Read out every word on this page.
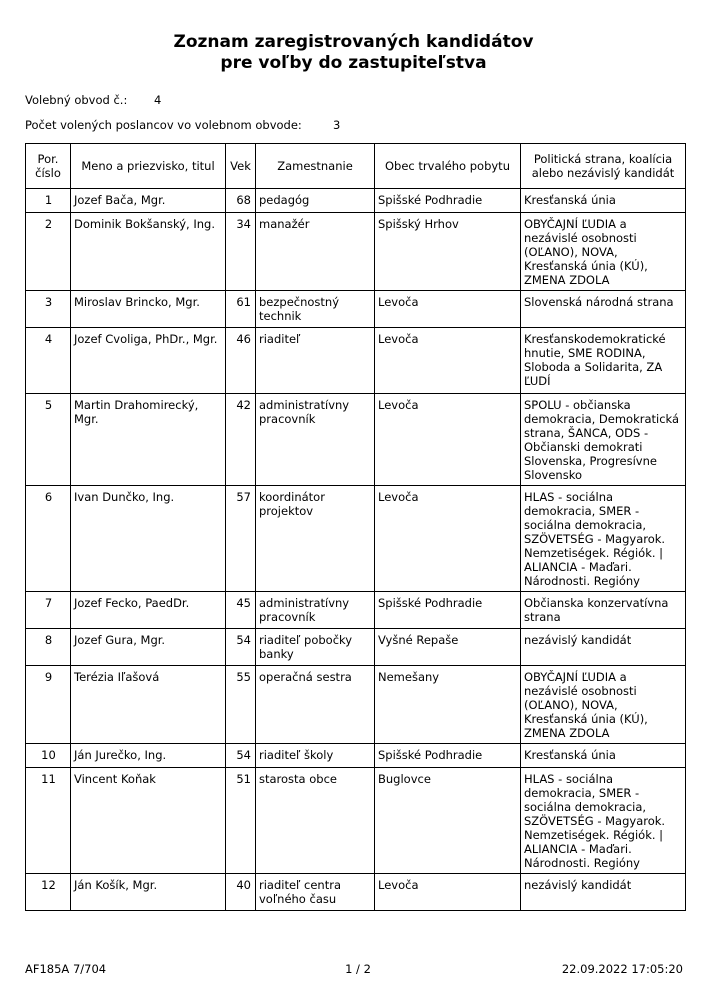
Zoznam zaregistrovaných kandidátov
pre voľby do zastupiteľstva
Volebný obvod č.: 4
Počet volených poslancov vo volebnom obvode:	3
Por. číslo	Meno a priezvisko, titul	Vek	Zamestnanie	Obec trvalého pobytu	Politická strana, koalícia alebo nezávislý kandidát
1	Jozef Bača, Mgr.	68	pedagóg	Spišské Podhradie	Kresťanská únia
2	Dominik Bokšanský, Ing.	34	manažér	Spišský Hrhov	OBYČAJNÍ ĽUDIA a nezávislé osobnosti (OĽANO), NOVA, Kresťanská únia (KÚ), ZMENA ZDOLA
3	Miroslav Brincko, Mgr.	61	bezpečnostný technik	Levoča	Slovenská národná strana
4	Jozef Cvoliga, PhDr., Mgr.	46	riaditeľ	Levoča	Kresťanskodemokratické hnutie, SME RODINA, Sloboda a Solidarita, ZA ĽUDÍ
5	Martin Drahomirecký, Mgr.	42	administratívny pracovník	Levoča	SPOLU - občianska demokracia, Demokratická strana, ŠANCA, ODS - Občianski demokrati Slovenska, Progresívne Slovensko
6	Ivan Dunčko, Ing.	57	koordinátor projektov	Levoča	HLAS - sociálna demokracia, SMER - sociálna demokracia, SZÖVETSÉG - Magyarok. Nemzetiségek. Régiók. | ALIANCIA - Maďari. Národnosti. Regióny
7	Jozef Fecko, PaedDr.	45	administratívny pracovník	Spišské Podhradie	Občianska konzervatívna strana
8	Jozef Gura, Mgr.	54	riaditeľ pobočky banky	Vyšné Repaše	nezávislý kandidát
9	Terézia Iľašová	55	operačná sestra	Nemešany	OBYČAJNÍ ĽUDIA a nezávislé osobnosti (OĽANO), NOVA, Kresťanská únia (KÚ), ZMENA ZDOLA
10	Ján Jurečko, Ing.	54	riaditeľ školy	Spišské Podhradie	Kresťanská únia
11	Vincent Koňak	51	starosta obce	Buglovce	HLAS - sociálna demokracia, SMER - sociálna demokracia, SZÖVETSÉG - Magyarok. Nemzetiségek. Régiók. | ALIANCIA - Maďari. Národnosti. Regióny
12	Ján Košík, Mgr.	40	riaditeľ centra voľného času	Levoča	nezávislý kandidát
AF185A 7/704	1 / 2	22.09.2022 17:05:20
